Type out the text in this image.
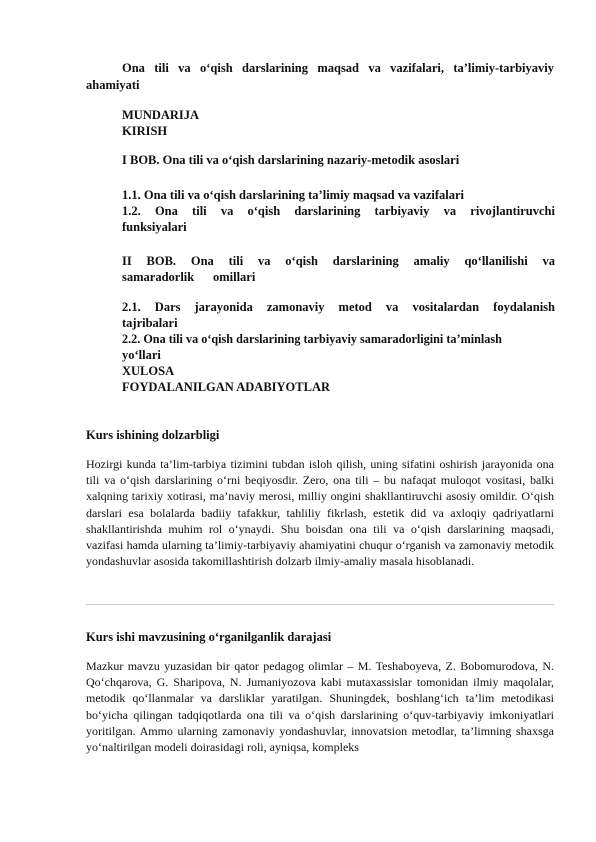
Ona tili va o‘qish darslarining maqsad va vazifalari, ta’limiy-tarbiyaviy ahamiyati
MUNDARIJA
KIRISH
I BOB. Ona tili va o‘qish darslarining nazariy-metodik asoslari
1.1. Ona tili va o‘qish darslarining ta’limiy maqsad va vazifalari
1.2. Ona tili va o‘qish darslarining tarbiyaviy va rivojlantiruvchi
funksiyalari
II BOB. Ona tili va o‘qish darslarining amaliy qo‘llanilishi va
samaradorlik      omillari
2.1. Dars jarayonida zamonaviy metod va vositalardan foydalanish
tajribalari
2.2. Ona tili va o‘qish darslarining tarbiyaviy samaradorligini ta’minlash
yo‘llari
XULOSA
FOYDALANILGAN ADABIYOTLAR
Kurs ishining dolzarbligi
Hozirgi kunda ta’lim-tarbiya tizimini tubdan isloh qilish, uning sifatini oshirish jarayonida ona tili va o‘qish darslarining o‘rni beqiyosdir. Zero, ona tili – bu nafaqat muloqot vositasi, balki xalqning tarixiy xotirasi, ma’naviy merosi, milliy ongini shakllantiruvchi asosiy omildir. O‘qish darslari esa bolalarda badiiy tafakkur, tahliliy fikrlash, estetik did va axloqiy qadriyatlarni shakllantirishda muhim rol o‘ynaydi. Shu boisdan ona tili va o‘qish darslarining maqsadi, vazifasi hamda ularning ta’limiy-tarbiyaviy ahamiyatini chuqur o‘rganish va zamonaviy metodik yondashuvlar asosida takomillashtirish dolzarb ilmiy-amaliy masala hisoblanadi.
Kurs ishi mavzusining o‘rganilganlik darajasi
Mazkur mavzu yuzasidan bir qator pedagog olimlar – M. Teshaboyeva, Z. Bobomurodova, N. Qo‘chqarova, G. Sharipova, N. Jumaniyozova kabi mutaxassislar tomonidan ilmiy maqolalar, metodik qo‘llanmalar va darsliklar yaratilgan. Shuningdek, boshlang‘ich ta’lim metodikasi bo‘yicha qilingan tadqiqotlarda ona tili va o‘qish darslarining o‘quv-tarbiyaviy imkoniyatlari yoritilgan. Ammo ularning zamonaviy yondashuvlar, innovatsion metodlar, ta’limning shaxsga yo‘naltirilgan modeli doirasidagi roli, ayniqsa, kompleks
